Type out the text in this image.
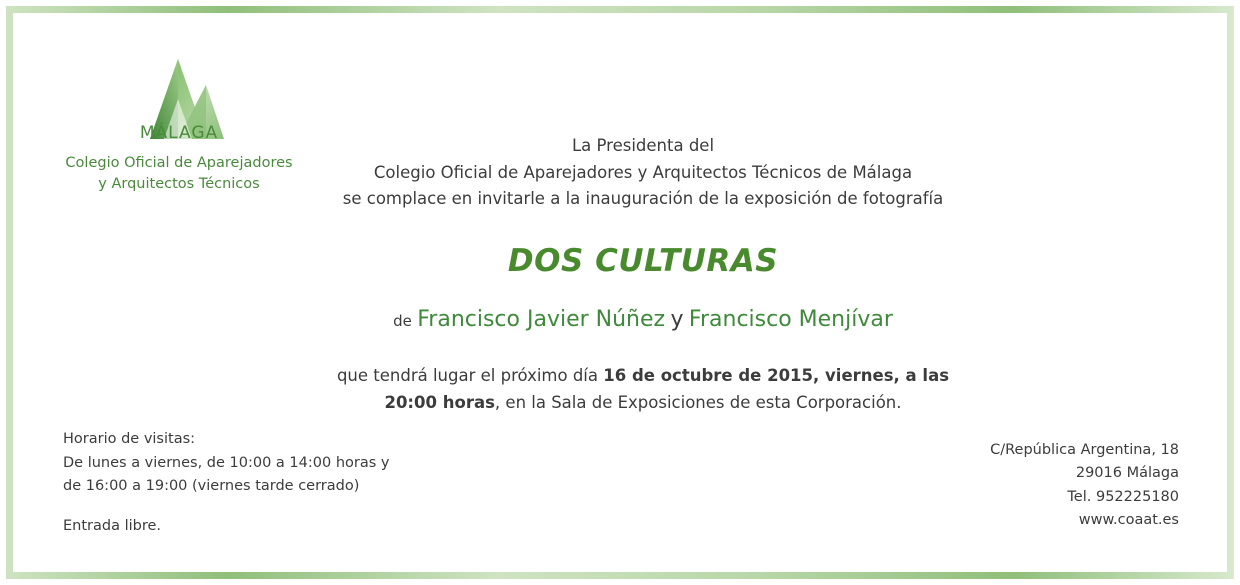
MÁLAGA
Colegio Oficial de Aparejadores
y Arquitectos Técnicos
La Presidenta del
Colegio Oficial de Aparejadores y Arquitectos Técnicos de Málaga
se complace en invitarle a la inauguración de la exposición de fotografía
DOS CULTURAS
de Francisco Javier Núñez y Francisco Menjívar
que tendrá lugar el próximo día 16 de octubre de 2015, viernes, a las 20:00 horas, en la Sala de Exposiciones de esta Corporación.
Horario de visitas:
De lunes a viernes, de 10:00 a 14:00 horas y
de 16:00 a 19:00 (viernes tarde cerrado)
Entrada libre.
C/República Argentina, 18
29016 Málaga
Tel. 952225180
www.coaat.es
